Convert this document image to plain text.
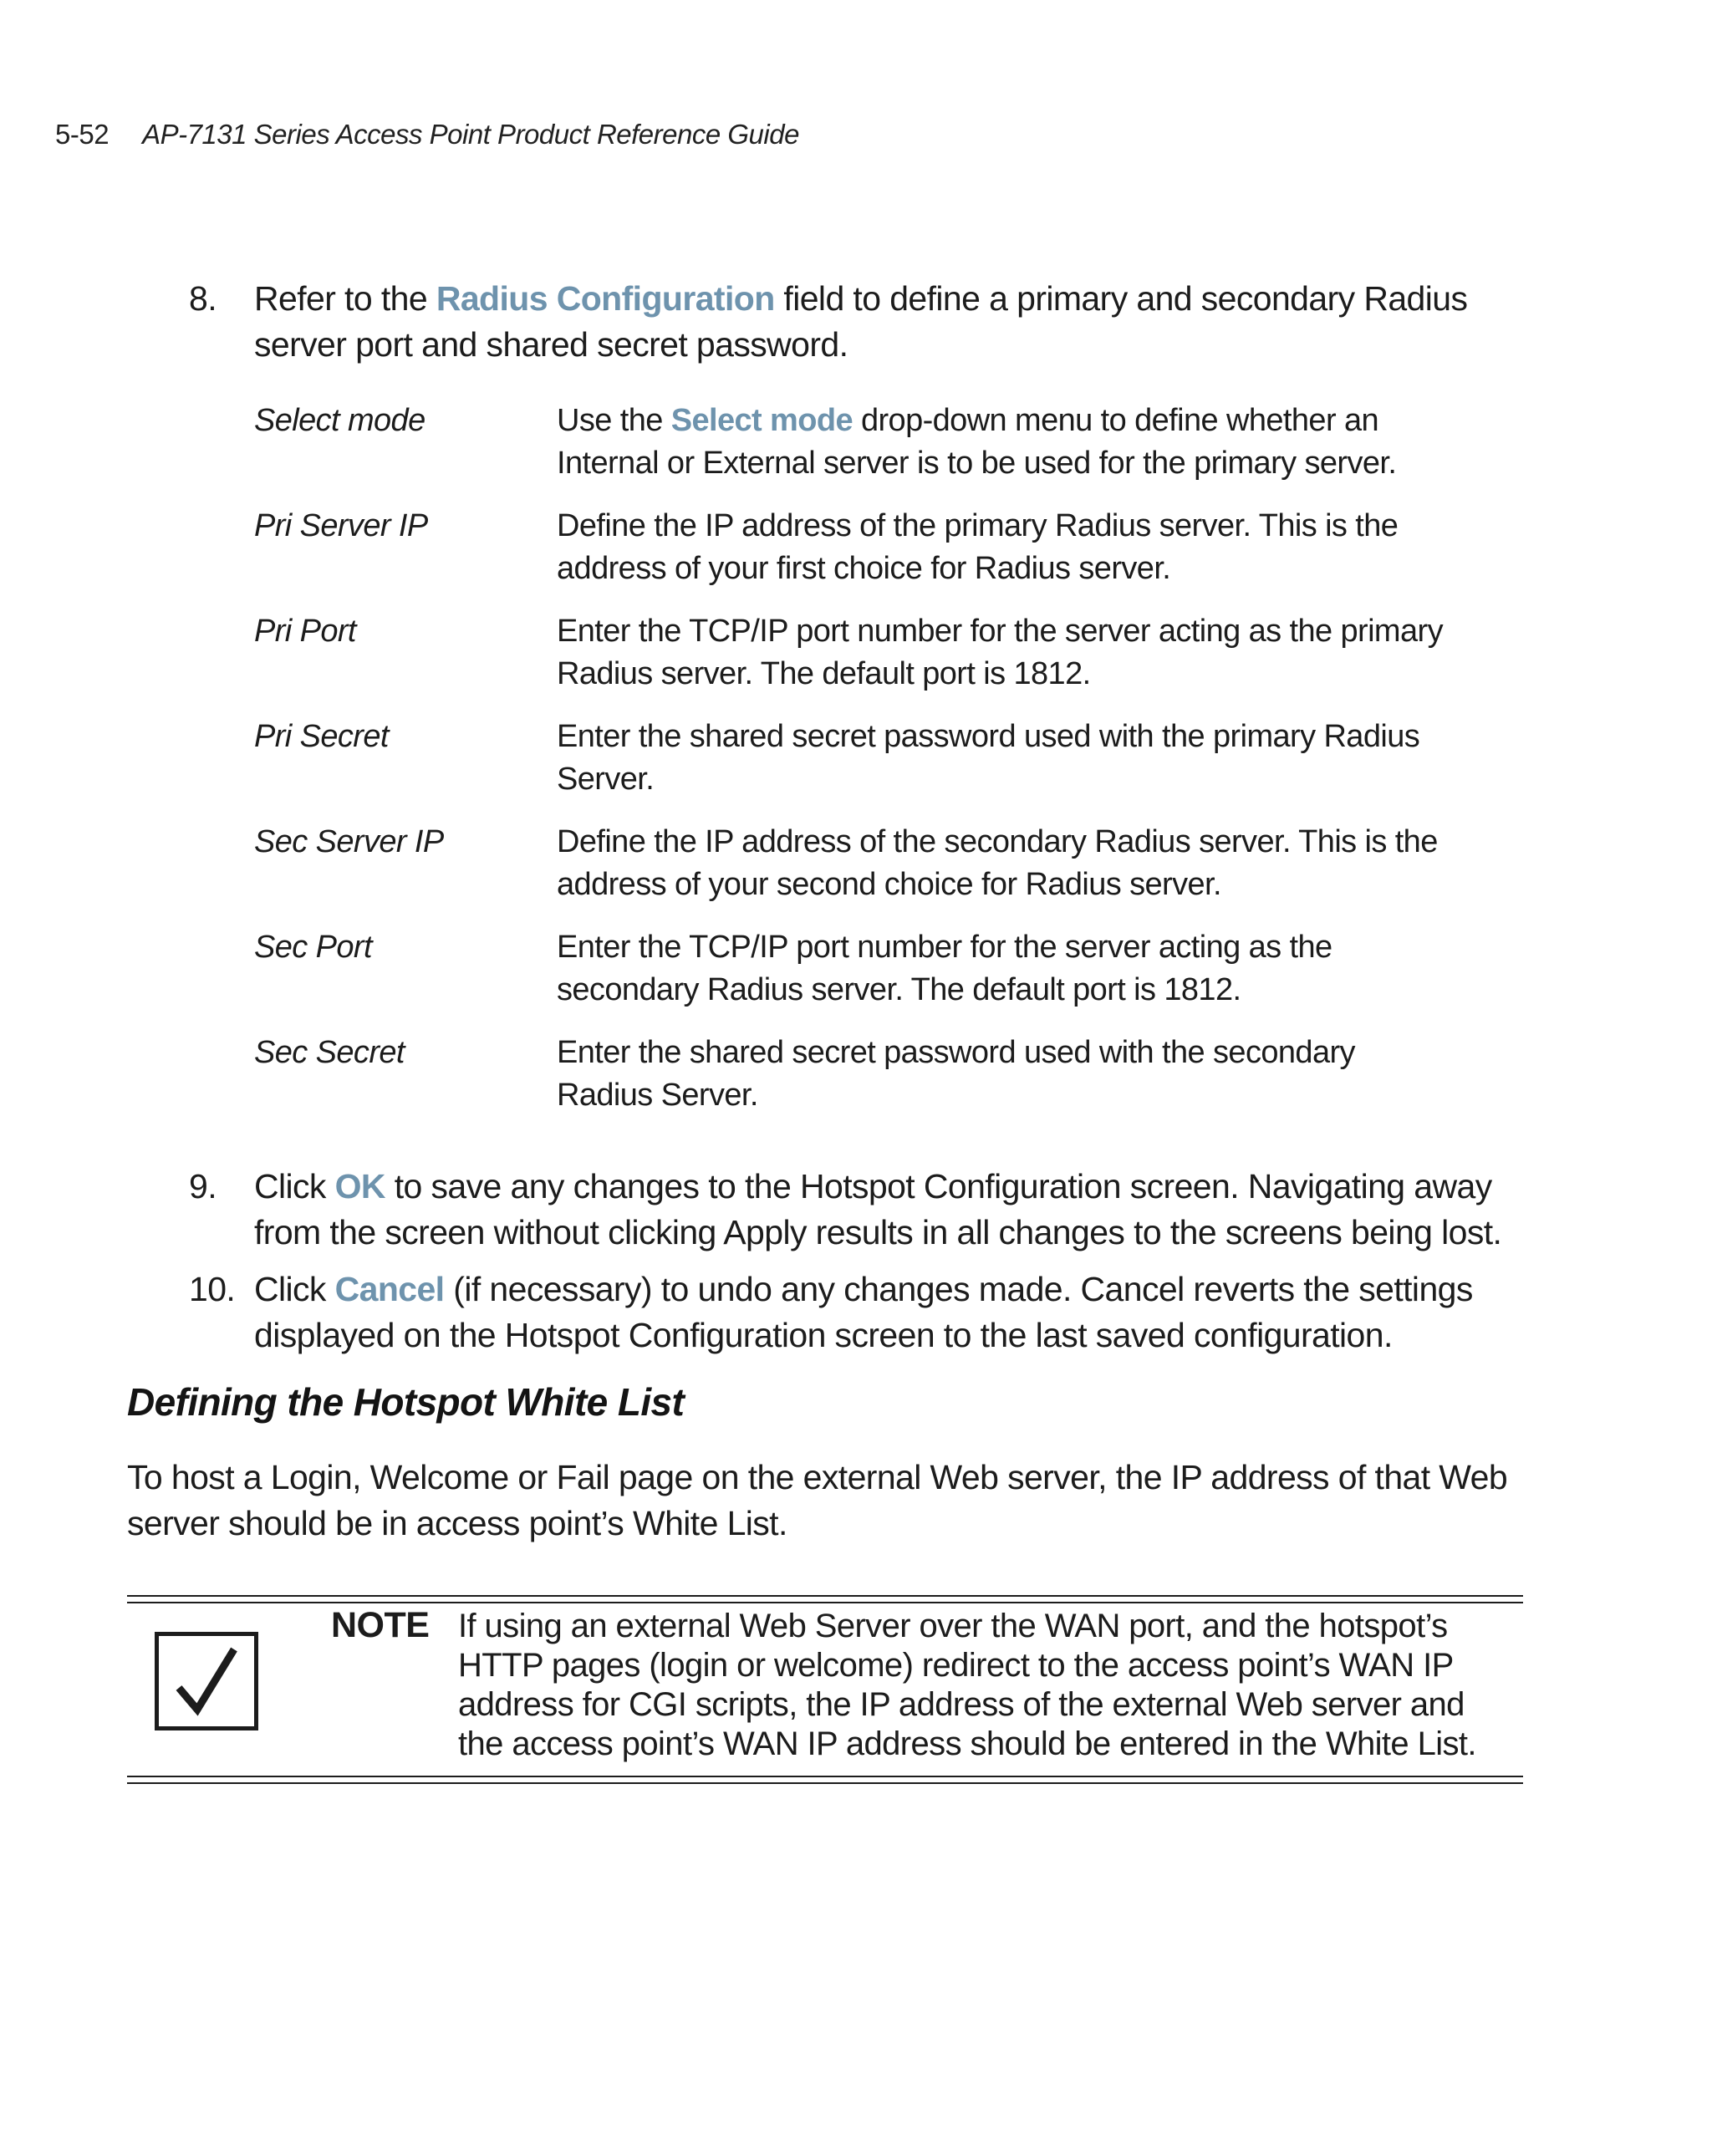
5-52 AP-7131 Series Access Point Product Reference Guide
8. Refer to the Radius Configuration field to define a primary and secondary Radius server port and shared secret password.
Select mode	Use the Select mode drop-down menu to define whether an Internal or External server is to be used for the primary server.
Pri Server IP	Define the IP address of the primary Radius server. This is the address of your first choice for Radius server.
Pri Port	Enter the TCP/IP port number for the server acting as the primary Radius server. The default port is 1812.
Pri Secret	Enter the shared secret password used with the primary Radius Server.
Sec Server IP	Define the IP address of the secondary Radius server. This is the address of your second choice for Radius server.
Sec Port	Enter the TCP/IP port number for the server acting as the secondary Radius server. The default port is 1812.
Sec Secret	Enter the shared secret password used with the secondary Radius Server.
9. Click OK to save any changes to the Hotspot Configuration screen. Navigating away from the screen without clicking Apply results in all changes to the screens being lost.
10. Click Cancel (if necessary) to undo any changes made. Cancel reverts the settings displayed on the Hotspot Configuration screen to the last saved configuration.
Defining the Hotspot White List
To host a Login, Welcome or Fail page on the external Web server, the IP address of that Web server should be in access point’s White List.
NOTE If using an external Web Server over the WAN port, and the hotspot’s HTTP pages (login or welcome) redirect to the access point’s WAN IP address for CGI scripts, the IP address of the external Web server and the access point’s WAN IP address should be entered in the White List.
